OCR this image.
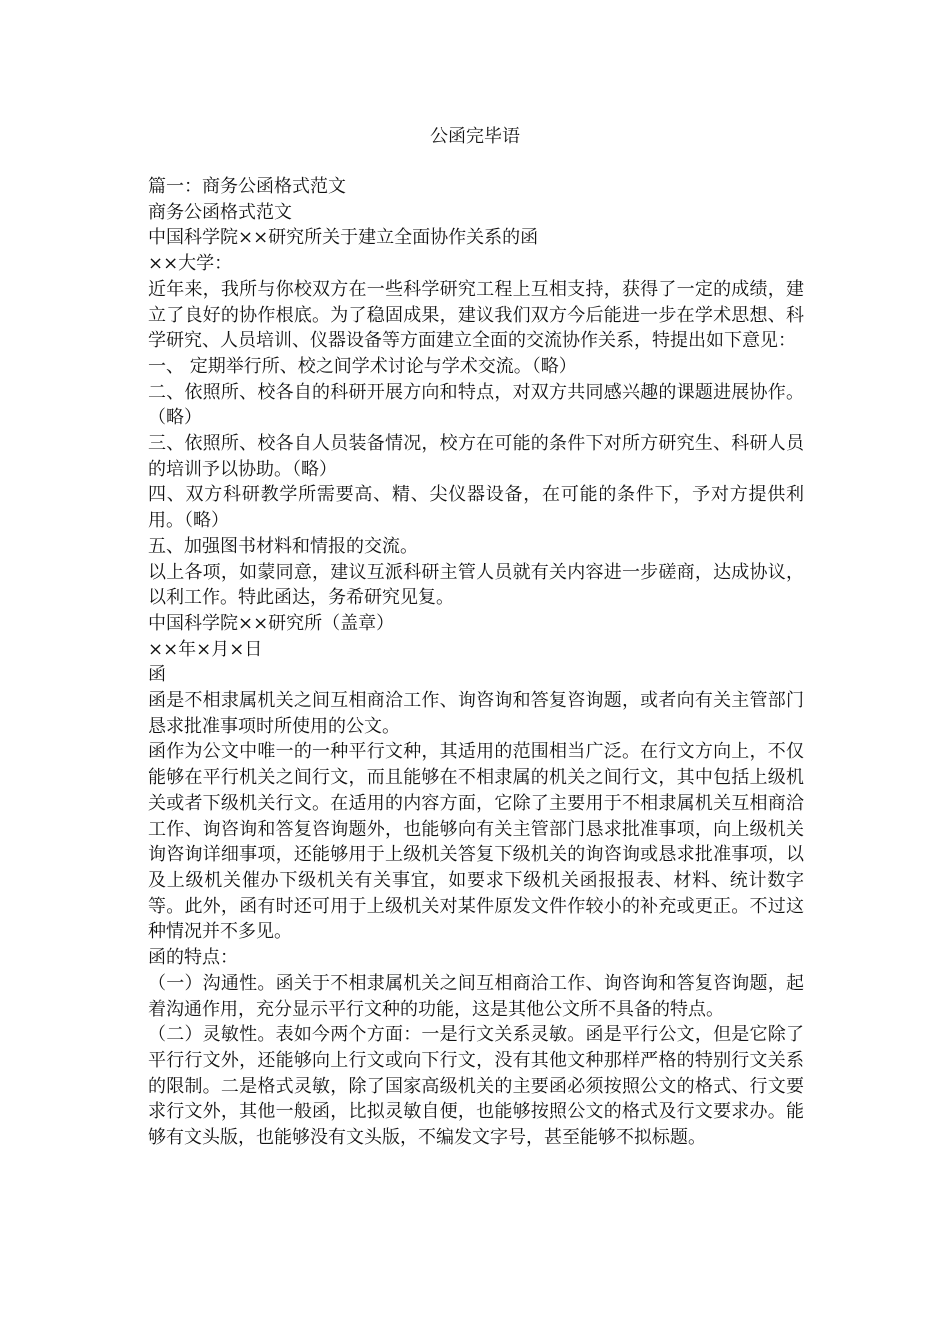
公函完毕语

篇一：商务公函格式范文

商务公函格式范文

中国科学院××研究所关于建立全面协作关系的函

××大学：

近年来，我所与你校双方在一些科学研究工程上互相支持，获得了一定的成绩，建立了良好的协作根底。为了稳固成果，建议我们双方今后能进一步在学术思想、科学研究、人员培训、仪器设备等方面建立全面的交流协作关系，特提出如下意见：

一、 定期举行所、校之间学术讨论与学术交流。（略）

二、依照所、校各自的科研开展方向和特点，对双方共同感兴趣的课题进展协作。（略）

三、依照所、校各自人员装备情况，校方在可能的条件下对所方研究生、科研人员的培训予以协助。（略）

四、双方科研教学所需要高、精、尖仪器设备，在可能的条件下，予对方提供利用。（略）

五、加强图书材料和情报的交流。

以上各项，如蒙同意，建议互派科研主管人员就有关内容进一步磋商，达成协议，以利工作。特此函达，务希研究见复。

中国科学院××研究所（盖章）

××年×月×日

函

函是不相隶属机关之间互相商洽工作、询咨询和答复咨询题，或者向有关主管部门恳求批准事项时所使用的公文。

函作为公文中唯一的一种平行文种，其适用的范围相当广泛。在行文方向上，不仅能够在平行机关之间行文，而且能够在不相隶属的机关之间行文，其中包括上级机关或者下级机关行文。在适用的内容方面，它除了主要用于不相隶属机关互相商洽工作、询咨询和答复咨询题外，也能够向有关主管部门恳求批准事项，向上级机关询咨询详细事项，还能够用于上级机关答复下级机关的询咨询或恳求批准事项，以及上级机关催办下级机关有关事宜，如要求下级机关函报报表、材料、统计数字等。此外，函有时还可用于上级机关对某件原发文件作较小的补充或更正。不过这种情况并不多见。

函的特点：

（一）沟通性。函关于不相隶属机关之间互相商洽工作、询咨询和答复咨询题，起着沟通作用，充分显示平行文种的功能，这是其他公文所不具备的特点。

（二）灵敏性。表如今两个方面：一是行文关系灵敏。函是平行公文，但是它除了平行行文外，还能够向上行文或向下行文，没有其他文种那样严格的特别行文关系的限制。二是格式灵敏，除了国家高级机关的主要函必须按照公文的格式、行文要求行文外，其他一般函，比拟灵敏自便，也能够按照公文的格式及行文要求办。能够有文头版，也能够没有文头版，不编发文字号，甚至能够不拟标题。
